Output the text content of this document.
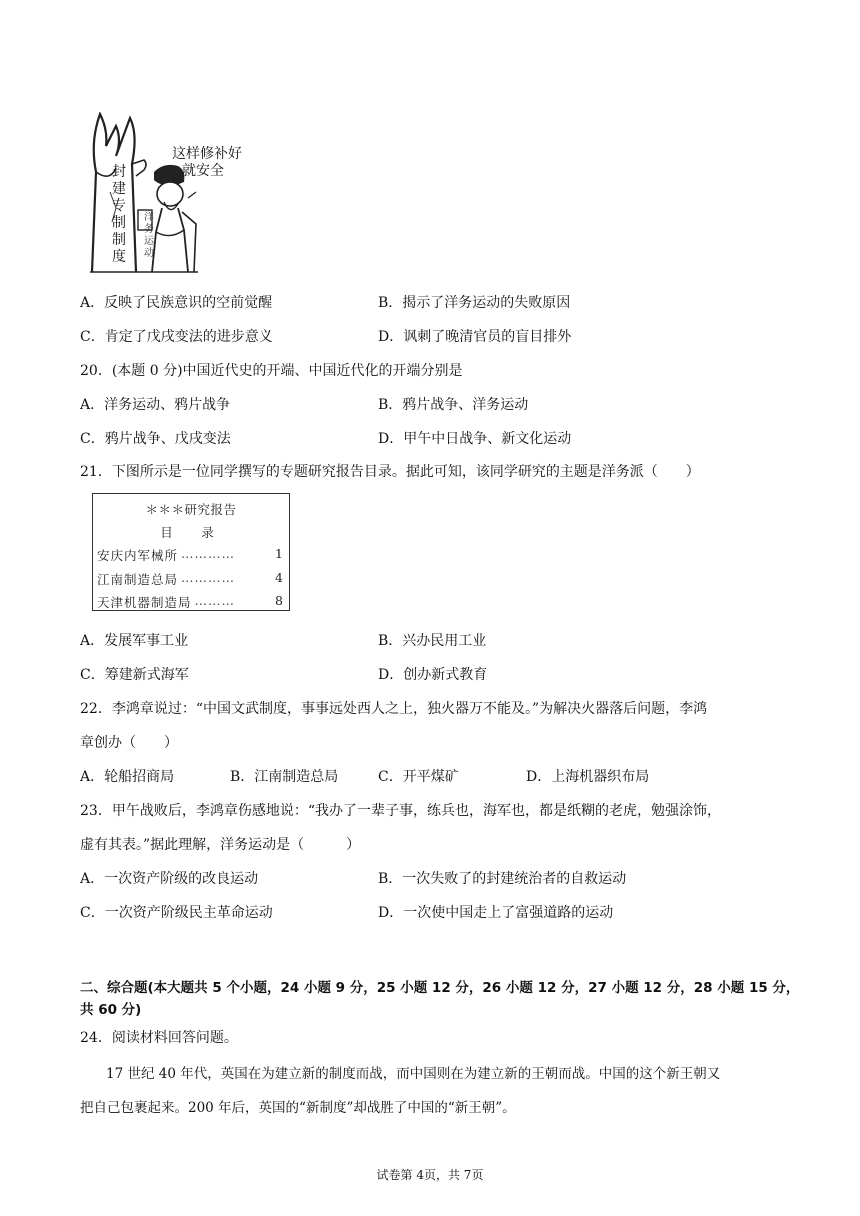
这样修补好
就安全
封
建
专
制
制
度
洋
务
运
动
A．反映了民族意识的空前觉醒	B．揭示了洋务运动的失败原因
C．肯定了戊戌变法的进步意义	D．讽刺了晚清官员的盲目排外
20．(本题 0 分)中国近代史的开端、中国近代化的开端分别是
A．洋务运动、鸦片战争	B．鸦片战争、洋务运动
C．鸦片战争、戊戌变法	D．甲午中日战争、新文化运动
21．下图所示是一位同学撰写的专题研究报告目录。据此可知，该同学研究的主题是洋务派（　　）
＊＊＊研究报告
目　录
安庆内军械所 …………	1
江南制造总局 …………	4
天津机器制造局 ………	8
A．发展军事工业	B．兴办民用工业
C．筹建新式海军	D．创办新式教育
22．李鸿章说过：“中国文武制度，事事远处西人之上，独火器万不能及。”为解决火器落后问题，李鸿
章创办（　　）
A．轮船招商局	B．江南制造总局	C．开平煤矿	D．上海机器织布局
23．甲午战败后，李鸿章伤感地说：“我办了一辈子事，练兵也，海军也，都是纸糊的老虎，勉强涂饰，
虚有其表。”据此理解，洋务运动是（　　　）
A．一次资产阶级的改良运动	B．一次失败了的封建统治者的自救运动
C．一次资产阶级民主革命运动	D．一次使中国走上了富强道路的运动
二、综合题(本大题共 5 个小题，24 小题 9 分，25 小题 12 分，26 小题 12 分，27 小题 12 分，28 小题 15 分，
共 60 分)
24．阅读材料回答问题。
17 世纪 40 年代，英国在为建立新的制度而战，而中国则在为建立新的王朝而战。中国的这个新王朝又
把自己包裹起来。200 年后，英国的“新制度”却战胜了中国的“新王朝”。
试卷第 4页，共 7页
